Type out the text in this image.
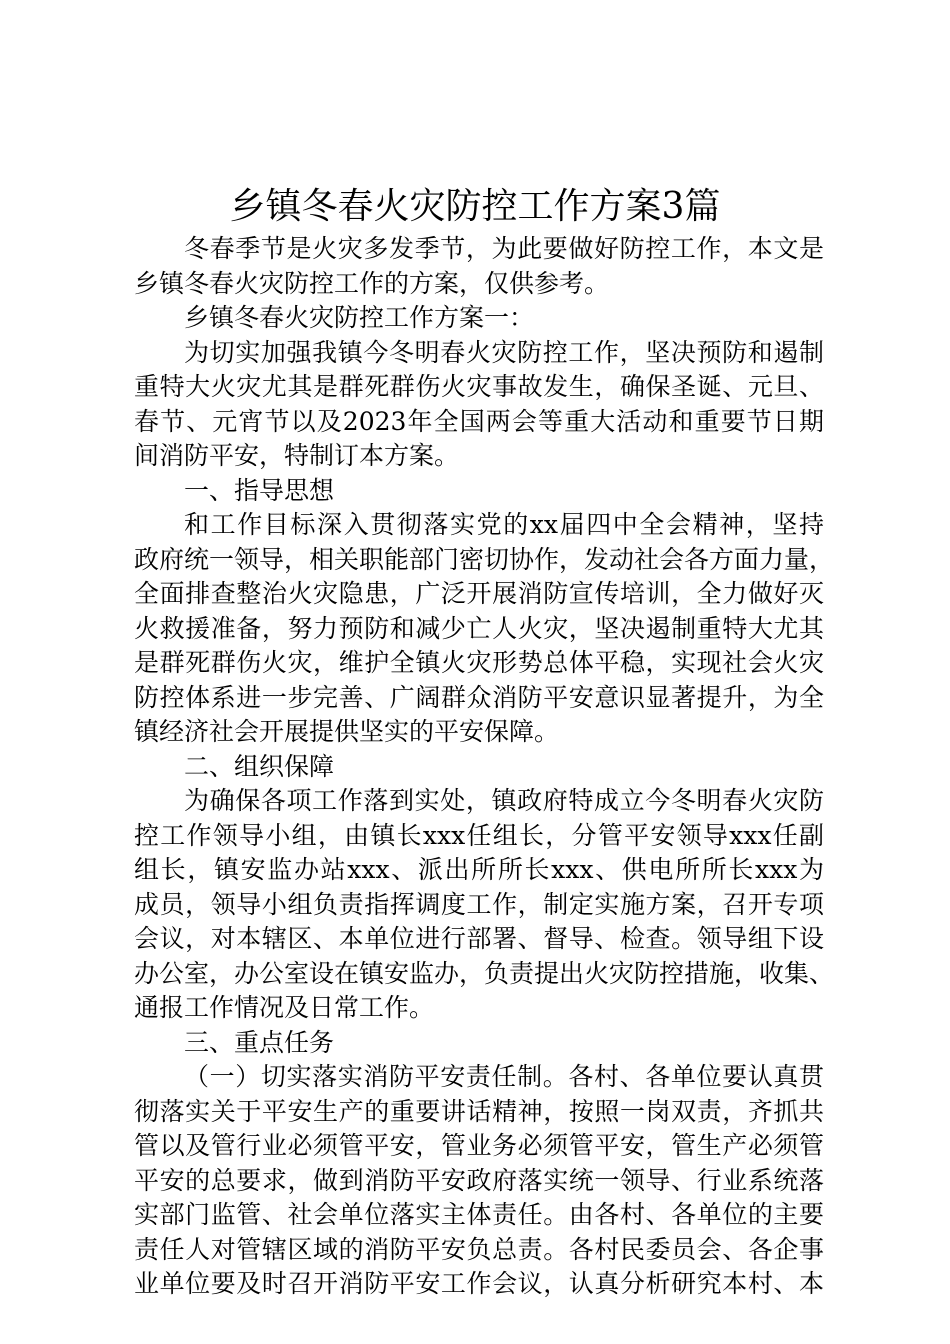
乡镇冬春火灾防控工作方案3篇
冬春季节是火灾多发季节，为此要做好防控工作，本文是
乡镇冬春火灾防控工作的方案，仅供参考。
乡镇冬春火灾防控工作方案一：
为切实加强我镇今冬明春火灾防控工作，坚决预防和遏制
重特大火灾尤其是群死群伤火灾事故发生，确保圣诞、元旦、
春节、元宵节以及2023年全国两会等重大活动和重要节日期
间消防平安，特制订本方案。
一、指导思想
和工作目标深入贯彻落实党的xx届四中全会精神，坚持
政府统一领导，相关职能部门密切协作，发动社会各方面力量，
全面排查整治火灾隐患，广泛开展消防宣传培训，全力做好灭
火救援准备，努力预防和减少亡人火灾，坚决遏制重特大尤其
是群死群伤火灾，维护全镇火灾形势总体平稳，实现社会火灾
防控体系进一步完善、广阔群众消防平安意识显著提升，为全
镇经济社会开展提供坚实的平安保障。
二、组织保障
为确保各项工作落到实处，镇政府特成立今冬明春火灾防
控工作领导小组，由镇长xxx任组长，分管平安领导xxx任副
组长，镇安监办站xxx、派出所所长xxx、供电所所长xxx为
成员，领导小组负责指挥调度工作，制定实施方案，召开专项
会议，对本辖区、本单位进行部署、督导、检查。领导组下设
办公室，办公室设在镇安监办，负责提出火灾防控措施，收集、
通报工作情况及日常工作。
三、重点任务
（一）切实落实消防平安责任制。各村、各单位要认真贯
彻落实关于平安生产的重要讲话精神，按照一岗双责，齐抓共
管以及管行业必须管平安，管业务必须管平安，管生产必须管
平安的总要求，做到消防平安政府落实统一领导、行业系统落
实部门监管、社会单位落实主体责任。由各村、各单位的主要
责任人对管辖区域的消防平安负总责。各村民委员会、各企事
业单位要及时召开消防平安工作会议，认真分析研究本村、本
